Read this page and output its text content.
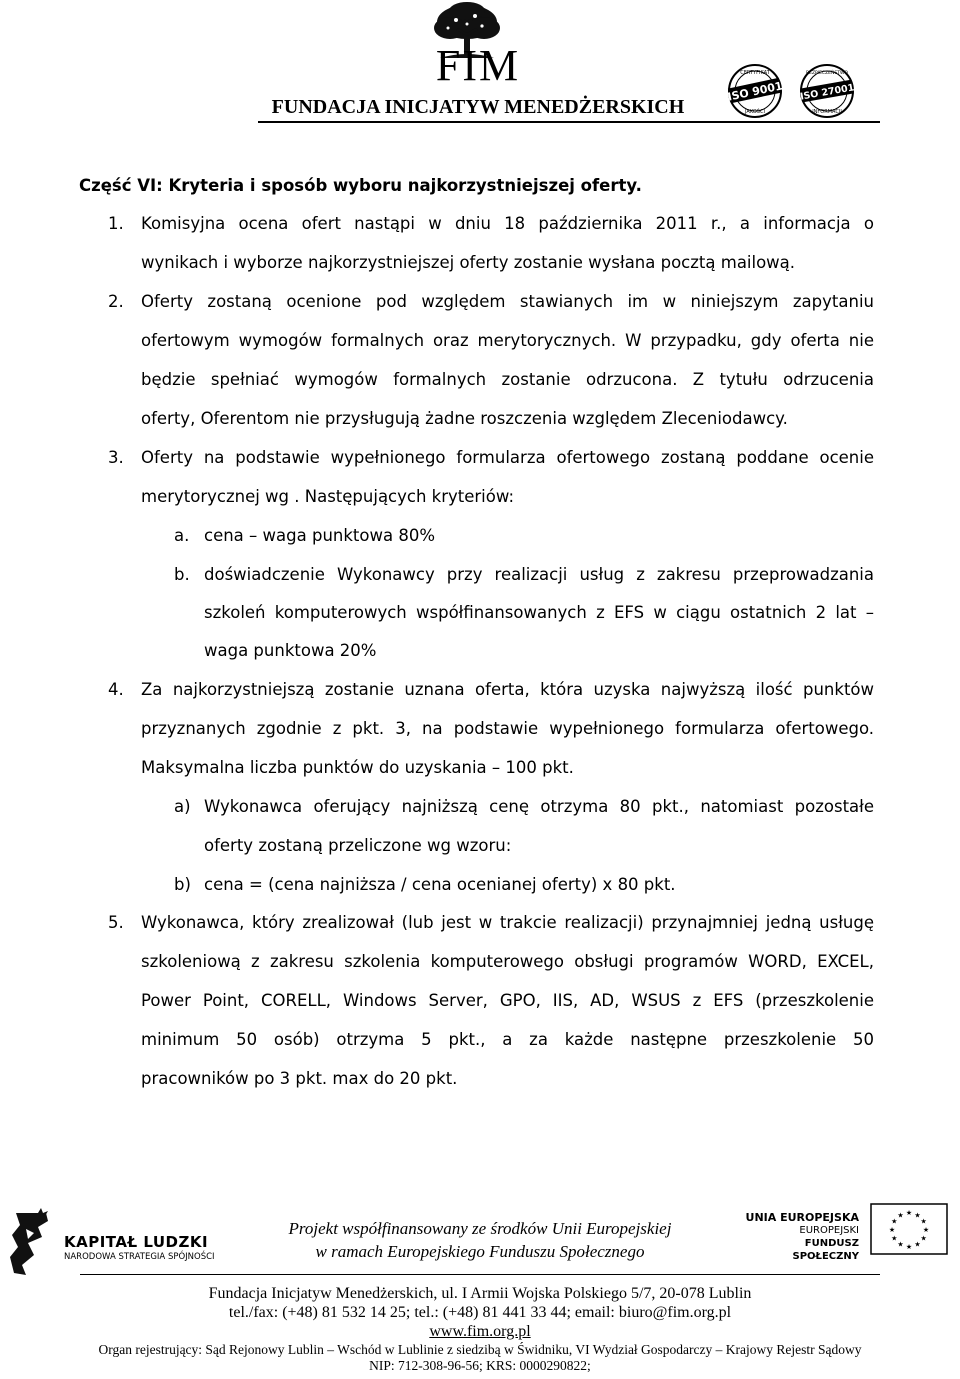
FIM
FUNDACJA INICJATYW MENEDŻERSKICH
ISO 9001
CERTYFIKAT
JAKOŚCI
ISO 27001
BEZPIECZEŃSTWO
INFORMACJI
Część VI: Kryteria i sposób wyboru najkorzystniejszej oferty.
1. Komisyjna ocena ofert nastąpi w dniu 18 października 2011 r., a informacja o
wynikach i wyborze najkorzystniejszej oferty zostanie wysłana pocztą mailową.
2. Oferty zostaną ocenione pod względem stawianych im w niniejszym zapytaniu
ofertowym wymogów formalnych oraz merytorycznych. W przypadku, gdy oferta nie
będzie spełniać wymogów formalnych zostanie odrzucona. Z tytułu odrzucenia
oferty, Oferentom nie przysługują żadne roszczenia względem Zleceniodawcy.
3. Oferty na podstawie wypełnionego formularza ofertowego zostaną poddane ocenie
merytorycznej wg . Następujących kryteriów:
a. cena – waga punktowa 80%
b. doświadczenie Wykonawcy przy realizacji usług z zakresu przeprowadzania
szkoleń komputerowych współfinansowanych z EFS w ciągu ostatnich 2 lat –
waga punktowa 20%
4. Za najkorzystniejszą zostanie uznana oferta, która uzyska najwyższą ilość punktów
przyznanych zgodnie z pkt. 3, na podstawie wypełnionego formularza ofertowego.
Maksymalna liczba punktów do uzyskania – 100 pkt.
a) Wykonawca oferujący najniższą cenę otrzyma 80 pkt., natomiast pozostałe
oferty zostaną przeliczone wg wzoru:
b) cena = (cena najniższa / cena ocenianej oferty) x 80 pkt.
5. Wykonawca, który zrealizował (lub jest w trakcie realizacji) przynajmniej jedną usługę
szkoleniową z zakresu szkolenia komputerowego obsługi programów WORD, EXCEL,
Power Point, CORELL, Windows Server, GPO, IIS, AD, WSUS z EFS (przeszkolenie
minimum 50 osób) otrzyma 5 pkt., a za każde następne przeszkolenie 50
pracowników po 3 pkt. max do 20 pkt.
KAPITAŁ LUDZKI
NARODOWA STRATEGIA SPÓJNOŚCI
Projekt współfinansowany ze środków Unii Europejskiej
w ramach Europejskiego Funduszu Społecznego
UNIA EUROPEJSKA
EUROPEJSKI
FUNDUSZ SPOŁECZNY
★ ★
★
★
★
★
★
★
★
★
★
★
Fundacja Inicjatyw Menedżerskich, ul. I Armii Wojska Polskiego 5/7, 20-078 Lublin
tel./fax: (+48) 81 532 14 25; tel.: (+48) 81 441 33 44; email: biuro@fim.org.pl
www.fim.org.pl
Organ rejestrujący: Sąd Rejonowy Lublin – Wschód w Lublinie z siedzibą w Świdniku, VI Wydział Gospodarczy – Krajowy Rejestr Sądowy
NIP: 712-308-96-56; KRS: 0000290822;
